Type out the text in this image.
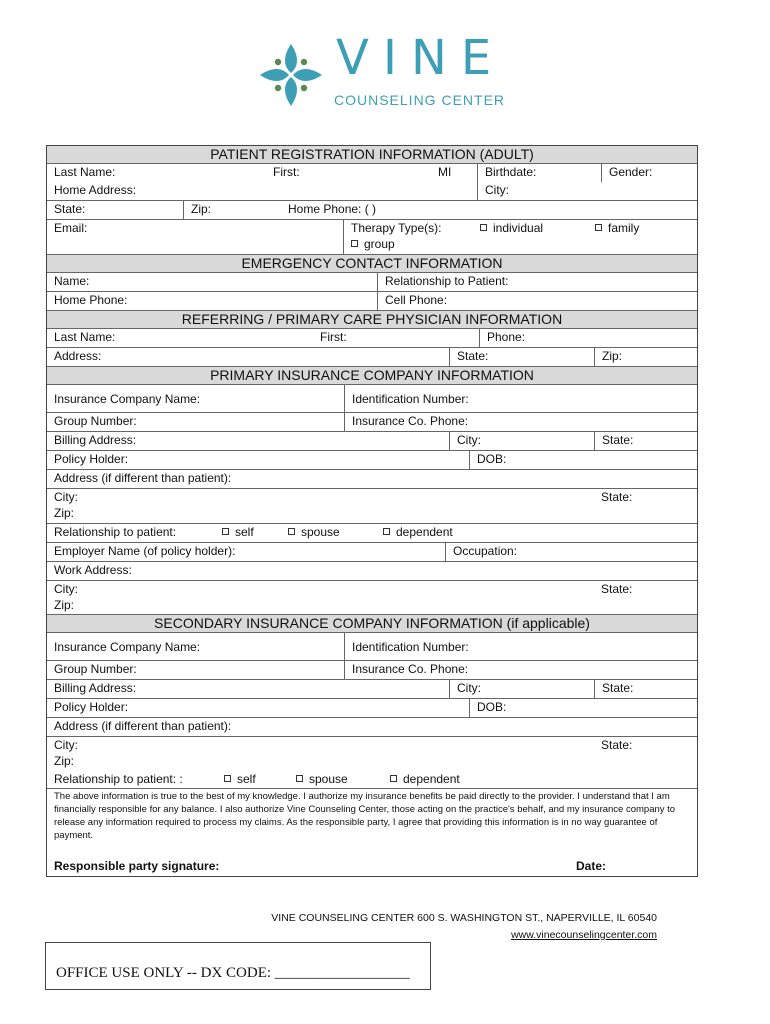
VINE
COUNSELING CENTER
PATIENT REGISTRATION INFORMATION (ADULT)
Last Name:	First:	MI	Birthdate:	Gender:
Home Address:	City:
State:	Zip:	Home Phone: ( )
Email:	Therapy Type(s):	individual	family
group
EMERGENCY CONTACT INFORMATION
Name:	Relationship to Patient:
Home Phone:	Cell Phone:
REFERRING / PRIMARY CARE PHYSICIAN INFORMATION
Last Name:	First:	Phone:
Address:	State:	Zip:
PRIMARY INSURANCE COMPANY INFORMATION
Insurance Company Name:	Identification Number:
Group Number:	Insurance Co. Phone:
Billing Address:	City:	State:
Policy Holder:	DOB:
Address (if different than patient):
City:	State:
Zip:
Relationship to patient:	self	spouse	dependent
Employer Name (of policy holder):	Occupation:
Work Address:
City:	State:
Zip:
SECONDARY INSURANCE COMPANY INFORMATION (if applicable)
Insurance Company Name:	Identification Number:
Group Number:	Insurance Co. Phone:
Billing Address:	City:	State:
Policy Holder:	DOB:
Address (if different than patient):
City:	State:
Zip:
Relationship to patient: :	self	spouse	dependent
The above information is true to the best of my knowledge. I authorize my insurance benefits be paid directly to the provider. I understand that I am financially responsible for any balance. I also authorize Vine Counseling Center, those acting on the practice's behalf, and my insurance company to release any information required to process my claims. As the responsible party, I agree that providing this information is in no way guarantee of payment.
Responsible party signature:	Date:
VINE COUNSELING CENTER 600 S. WASHINGTON ST., NAPERVILLE, IL 60540
www.vinecounselingcenter.com
OFFICE USE ONLY -- DX CODE: __________________
